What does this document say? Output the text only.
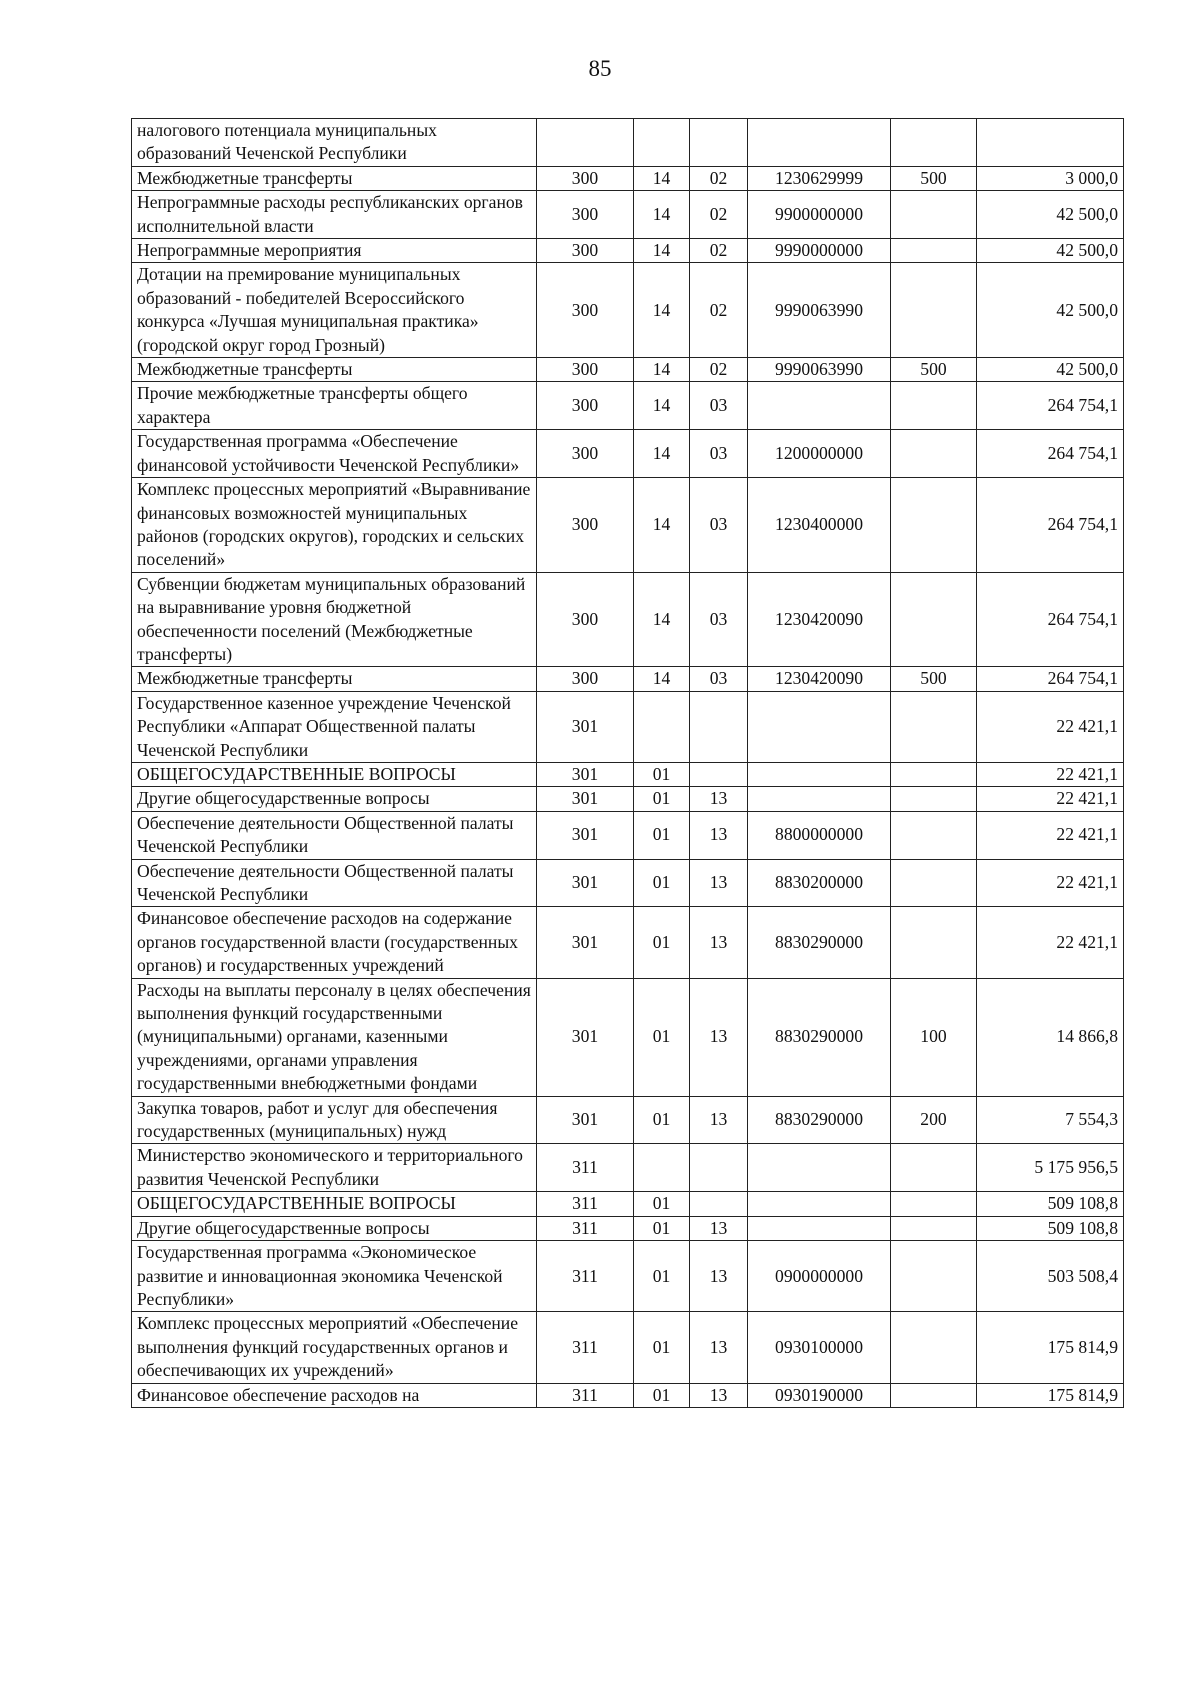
85
налогового потенциала муниципальных образований Чеченской Республики						
Межбюджетные трансферты	300	14	02	1230629999	500	3 000,0
Непрограммные расходы республиканских органов исполнительной власти	300	14	02	9900000000		42 500,0
Непрограммные мероприятия	300	14	02	9990000000		42 500,0
Дотации на премирование муниципальных образований - победителей Всероссийского конкурса «Лучшая муниципальная практика» (городской округ город Грозный)	300	14	02	9990063990		42 500,0
Межбюджетные трансферты	300	14	02	9990063990	500	42 500,0
Прочие межбюджетные трансферты общего характера	300	14	03			264 754,1
Государственная программа «Обеспечение финансовой устойчивости Чеченской Республики»	300	14	03	1200000000		264 754,1
Комплекс процессных мероприятий «Выравнивание финансовых возможностей муниципальных районов (городских округов), городских и сельских поселений»	300	14	03	1230400000		264 754,1
Субвенции бюджетам муниципальных образований на выравнивание уровня бюджетной обеспеченности поселений (Межбюджетные трансферты)	300	14	03	1230420090		264 754,1
Межбюджетные трансферты	300	14	03	1230420090	500	264 754,1
Государственное казенное учреждение Чеченской Республики «Аппарат Общественной палаты Чеченской Республики	301					22 421,1
ОБЩЕГОСУДАРСТВЕННЫЕ ВОПРОСЫ	301	01				22 421,1
Другие общегосударственные вопросы	301	01	13			22 421,1
Обеспечение деятельности Общественной палаты Чеченской Республики	301	01	13	8800000000		22 421,1
Обеспечение деятельности Общественной палаты Чеченской Республики	301	01	13	8830200000		22 421,1
Финансовое обеспечение расходов на содержание органов государственной власти (государственных органов) и государственных учреждений	301	01	13	8830290000		22 421,1
Расходы на выплаты персоналу в целях обеспечения выполнения функций государственными (муниципальными) органами, казенными учреждениями, органами управления государственными внебюджетными фондами	301	01	13	8830290000	100	14 866,8
Закупка товаров, работ и услуг для обеспечения государственных (муниципальных) нужд	301	01	13	8830290000	200	7 554,3
Министерство экономического и территориального развития Чеченской Республики	311					5 175 956,5
ОБЩЕГОСУДАРСТВЕННЫЕ ВОПРОСЫ	311	01				509 108,8
Другие общегосударственные вопросы	311	01	13			509 108,8
Государственная программа «Экономическое развитие и инновационная экономика Чеченской Республики»	311	01	13	0900000000		503 508,4
Комплекс процессных мероприятий «Обеспечение выполнения функций государственных органов и обеспечивающих их учреждений»	311	01	13	0930100000		175 814,9
Финансовое обеспечение расходов на	311	01	13	0930190000		175 814,9
